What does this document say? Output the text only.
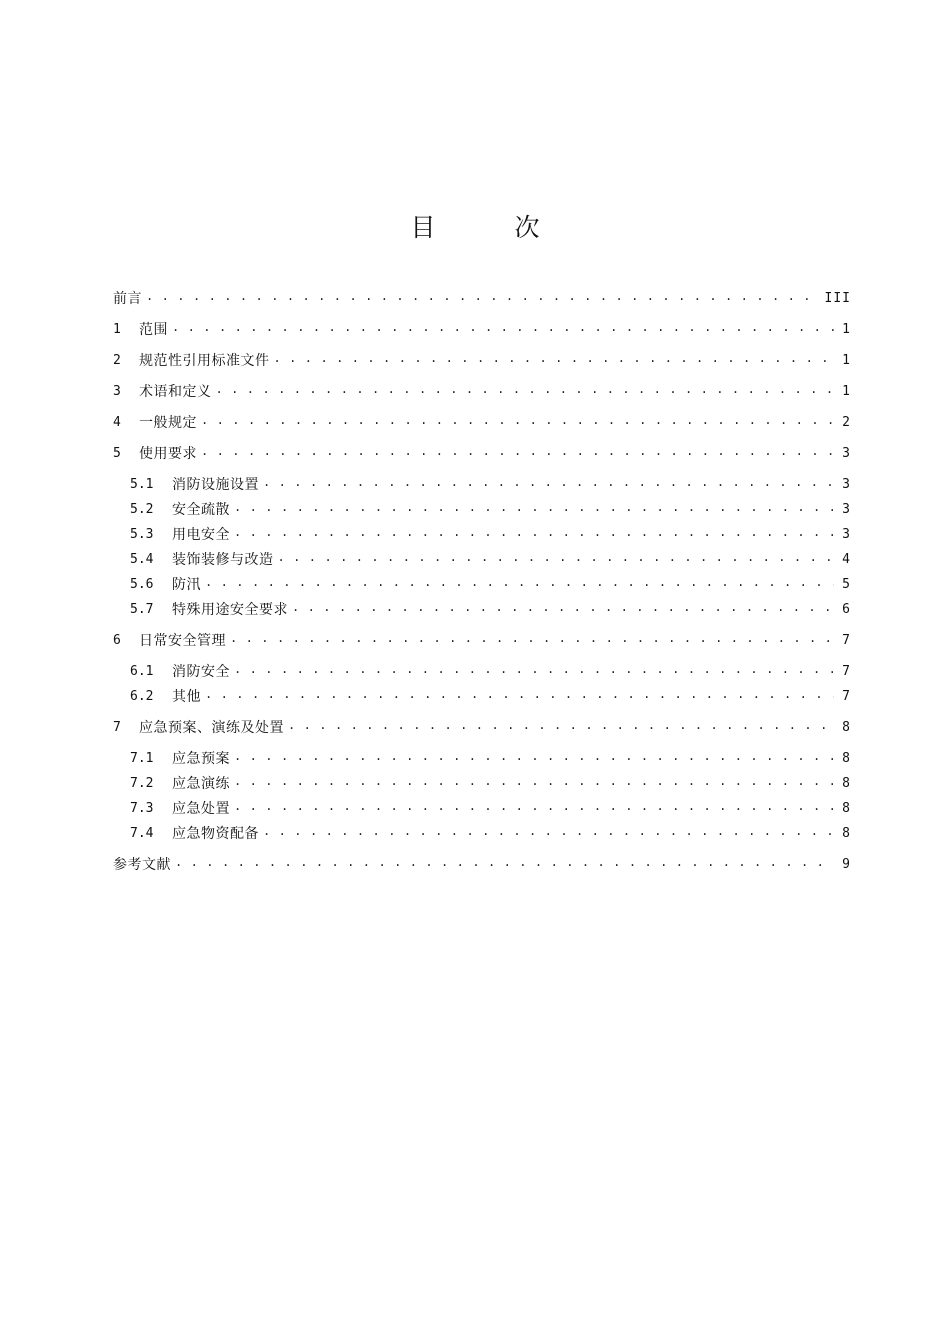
目　次
前言 . . .	III
1	范围 . . .	1
2	规范性引用标准文件 . . .	1
3	术语和定义 . . .	1
4	一般规定 . . .	2
5	使用要求 . . .	3
5.1	消防设施设置 . . .	3
5.2	安全疏散 . . .	3
5.3	用电安全 . . .	3
5.4	装饰装修与改造 . . .	4
5.6	防汛 . . .	5
5.7	特殊用途安全要求 . . .	6
6	日常安全管理 . . .	7
6.1	消防安全 . . .	7
6.2	其他 . . .	7
7	应急预案、演练及处置 . . .	8
7.1	应急预案 . . .	8
7.2	应急演练 . . .	8
7.3	应急处置 . . .	8
7.4	应急物资配备 . . .	8
参考文献 . . .	9
